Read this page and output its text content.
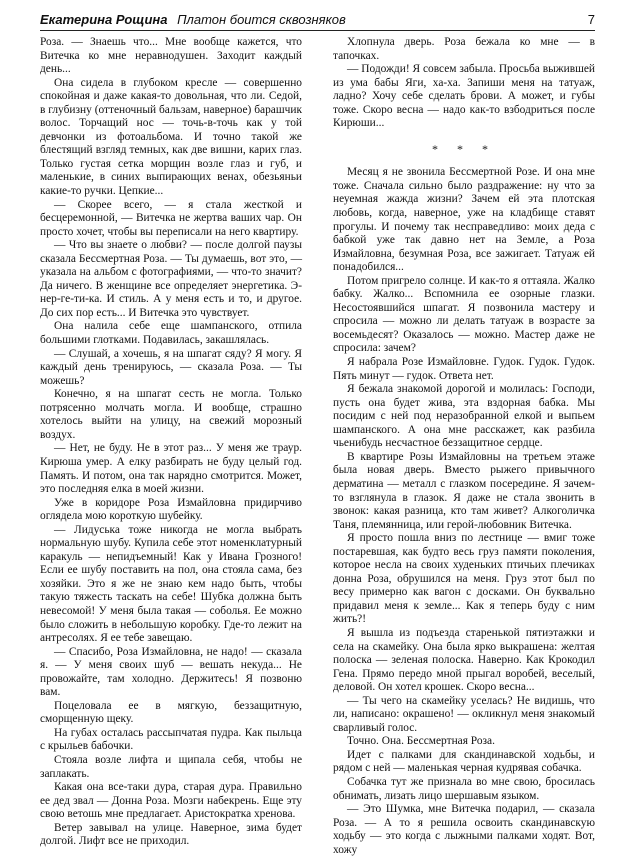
Екатерина Рощина Платон боится сквозняков	7

Роза. — Знаешь что... Мне вообще кажется, что Витечка ко мне неравнодушен. Заходит каждый день...

Она сидела в глубоком кресле — совершенно спокойная и даже какая-то довольная, что ли. Седой, в глубизну (оттеночный бальзам, наверное) барашчик волос. Торчащий нос — точь-в-точь как у той девчонки из фотоальбома. И точно такой же блестящий взгляд темных, как две вишни, карих глаз. Только густая сетка морщин возле глаз и губ, и маленькие, в синих выпирающих венах, обезьяньи какие-то ручки. Цепкие...

— Скорее всего, — я стала жесткой и бесцеремонной, — Витечка не жертва ваших чар. Он просто хочет, чтобы вы переписали на него квартиру.

— Что вы знаете о любви? — после долгой паузы сказала Бессмертная Роза. — Ты думаешь, вот это, — указала на альбом с фотографиями, — что-то значит? Да ничего. В женщине все определяет энергетика. Э-нер-ге-ти-ка. И стиль. А у меня есть и то, и другое. До сих пор есть... И Витечка это чувствует.

Она налила себе еще шампанского, отпила большими глотками. Подавилась, закашлялась.

— Слушай, а хочешь, я на шпагат сяду? Я могу. Я каждый день тренируюсь, — сказала Роза. — Ты можешь?

Конечно, я на шпагат сесть не могла. Только потрясенно молчать могла. И вообще, страшно хотелось выйти на улицу, на свежий морозный воздух.

— Нет, не буду. Не в этот раз... У меня же траур. Кирюша умер. А елку разбирать не буду целый год. Память. И потом, она так нарядно смотрится. Может, это последняя елка в моей жизни.

Уже в коридоре Роза Измайловна придирчиво оглядела мою короткую шубейку.

— Лидуська тоже никогда не могла выбрать нормальную шубу. Купила себе этот номенклатурный каракуль — непидъемный! Как у Ивана Грозного! Если ее шубу поставить на пол, она стояла сама, без хозяйки. Это я же не знаю кем надо быть, чтобы такую тяжесть таскать на себе! Шубка должна быть невесомой! У меня была такая — соболья. Ее можно было сложить в небольшую коробку. Где-то лежит на антресолях. Я ее тебе завещаю.

— Спасибо, Роза Измайловна, не надо! — сказала я. — У меня своих шуб — вешать некуда... Не провожайте, там холодно. Держитесь! Я позвоню вам.

Поцеловала ее в мягкую, беззащитную, сморщенную щеку.

На губах осталась рассыпчатая пудра. Как пыльца с крыльев бабочки.

Стояла возле лифта и щипала себя, чтобы не заплакать.

Какая она все-таки дура, старая дура. Правильно ее дед звал — Донна Роза. Мозги набекрень. Еще эту свою ветошь мне предлагает. Аристократка хренова.

Ветер завывал на улице. Наверное, зима будет долгой. Лифт все не приходил.

Хлопнула дверь. Роза бежала ко мне — в тапочках.

— Подожди! Я совсем забыла. Просьба выжившей из ума бабы Яги, ха-ха. Запиши меня на татуаж, ладно? Хочу себе сделать брови. А может, и губы тоже. Скоро весна — надо как-то взбодриться после Кирюши...

* * *

Месяц я не звонила Бессмертной Розе. И она мне тоже. Сначала сильно было раздражение: ну что за неуемная жажда жизни? Зачем ей эта плотская любовь, когда, наверное, уже на кладбище ставят прогулы. И почему так несправедливо: моих деда с бабкой уже так давно нет на Земле, а Роза Измайловна, безумная Роза, все зажигает. Татуаж ей понадобился...

Потом пригрело солнце. И как-то я оттаяла. Жалко бабку. Жалко... Вспомнила ее озорные глазки. Несостоявшийся шпагат. Я позвонила мастеру и спросила — можно ли делать татуаж в возрасте за восемьдесят? Оказалось — можно. Мастер даже не спросила: зачем?

Я набрала Розе Измайловне. Гудок. Гудок. Гудок. Пять минут — гудок. Ответа нет.

Я бежала знакомой дорогой и молилась: Господи, пусть она будет жива, эта вздорная бабка. Мы посидим с ней под неразобранной елкой и выпьем шампанского. А она мне расскажет, как разбила чьенибудь несчастное беззащитное сердце.

В квартире Розы Измайловны на третьем этаже была новая дверь. Вместо рыжего привычного дерматина — металл с глазком посередине. Я зачем-то взглянула в глазок. Я даже не стала звонить в звонок: какая разница, кто там живет? Алкоголичка Таня, племянница, или герой-любовник Витечка.

Я просто пошла вниз по лестнице — вмиг тоже постаревшая, как будто весь груз памяти поколения, которое несла на своих худеньких птичьих плечиках донна Роза, обрушился на меня. Груз этот был по весу примерно как вагон с досками. Он буквально придавил меня к земле... Как я теперь буду с ним жить?!

Я вышла из подъезда старенькой пятиэтажки и села на скамейку. Она была ярко выкрашена: желтая полоска — зеленая полоска. Наверно. Как Крокодил Гена. Прямо передо мной прыгал воробей, веселый, деловой. Он хотел крошек. Скоро весна...

— Ты чего на скамейку уселась? Не видишь, что ли, написано: окрашено! — окликнул меня знакомый сварливый голос.

Точно. Она. Бессмертная Роза.

Идет с палками для скандинавской ходьбы, и рядом с ней — маленькая черная кудрявая собачка.

Собачка тут же признала во мне свою, бросилась обнимать, лизать лицо шершавым языком.

— Это Шумка, мне Витечка подарил, — сказала Роза. — А то я решила освоить скандинавскую ходьбу — это когда с лыжными палками ходят. Вот, хожу
